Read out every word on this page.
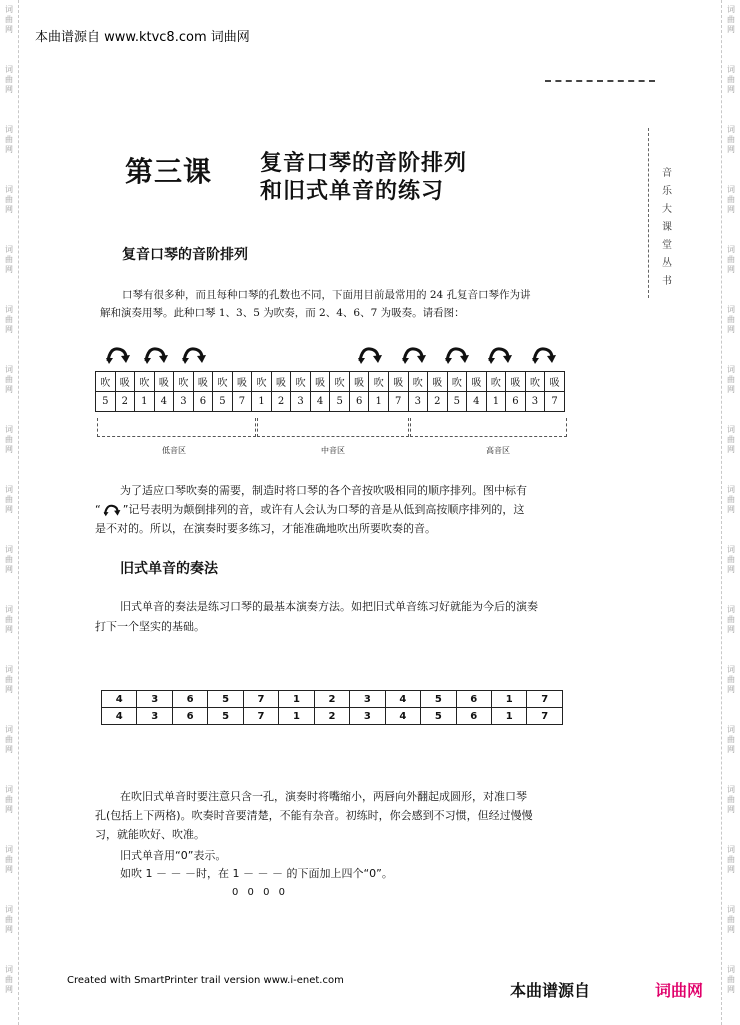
词曲网
词曲网
词曲网
词曲网
词曲网
词曲网
词曲网
词曲网
词曲网
词曲网
词曲网
词曲网
词曲网
词曲网
词曲网
词曲网
词曲网
词曲网
词曲网
词曲网
词曲网
词曲网
词曲网
词曲网
词曲网
词曲网
词曲网
词曲网
词曲网
词曲网
词曲网
词曲网
词曲网
词曲网
本曲谱源自 www.ktvc8.com 词曲网
音乐大课堂丛书
第三课 复音口琴的音阶排列
和旧式单音的练习
复音口琴的音阶排列
口琴有很多种，而且每种口琴的孔数也不同，下面用目前最常用的 24 孔复音口琴作为讲
解和演奏用琴。此种口琴 1、3、5 为吹奏，而 2、4、6、7 为吸奏。请看图：
吹	吸	吹	吸	吹	吸	吹	吸	吹	吸	吹	吸	吹	吸	吹	吸	吹	吸	吹	吸	吹	吸	吹	吸
5	2	1	4	3	6	5	7	1	2	3	4	5	6	1	7	3	2	5	4	1	6	3	7
低音区	中音区	高音区
为了适应口琴吹奏的需要，制造时将口琴的各个音按吹吸相同的顺序排列。图中标有
“ ”记号表明为颠倒排列的音，或许有人会认为口琴的音是从低到高按顺序排列的，这
是不对的。所以，在演奏时要多练习，才能准确地吹出所要吹奏的音。
旧式单音的奏法
旧式单音的奏法是练习口琴的最基本演奏方法。如把旧式单音练习好就能为今后的演奏
打下一个坚实的基础。
4	3	6	5	7	1	2	3	4	5	6	1	7
4	3	6	5	7	1	2	3	4	5	6	1	7
在吹旧式单音时要注意只含一孔，演奏时将嘴缩小，两唇向外翻起成圆形，对准口琴
孔(包括上下两格)。吹奏时音要清楚，不能有杂音。初练时，你会感到不习惯，但经过慢慢
习，就能吹好、吹准。
旧式单音用“0”表示。
如吹 1 － － －时，在 1 － － － 的下面加上四个“0”。
0 0 0 0
Created with SmartPrinter trail version www.i-enet.com
本曲谱源自	词曲网
